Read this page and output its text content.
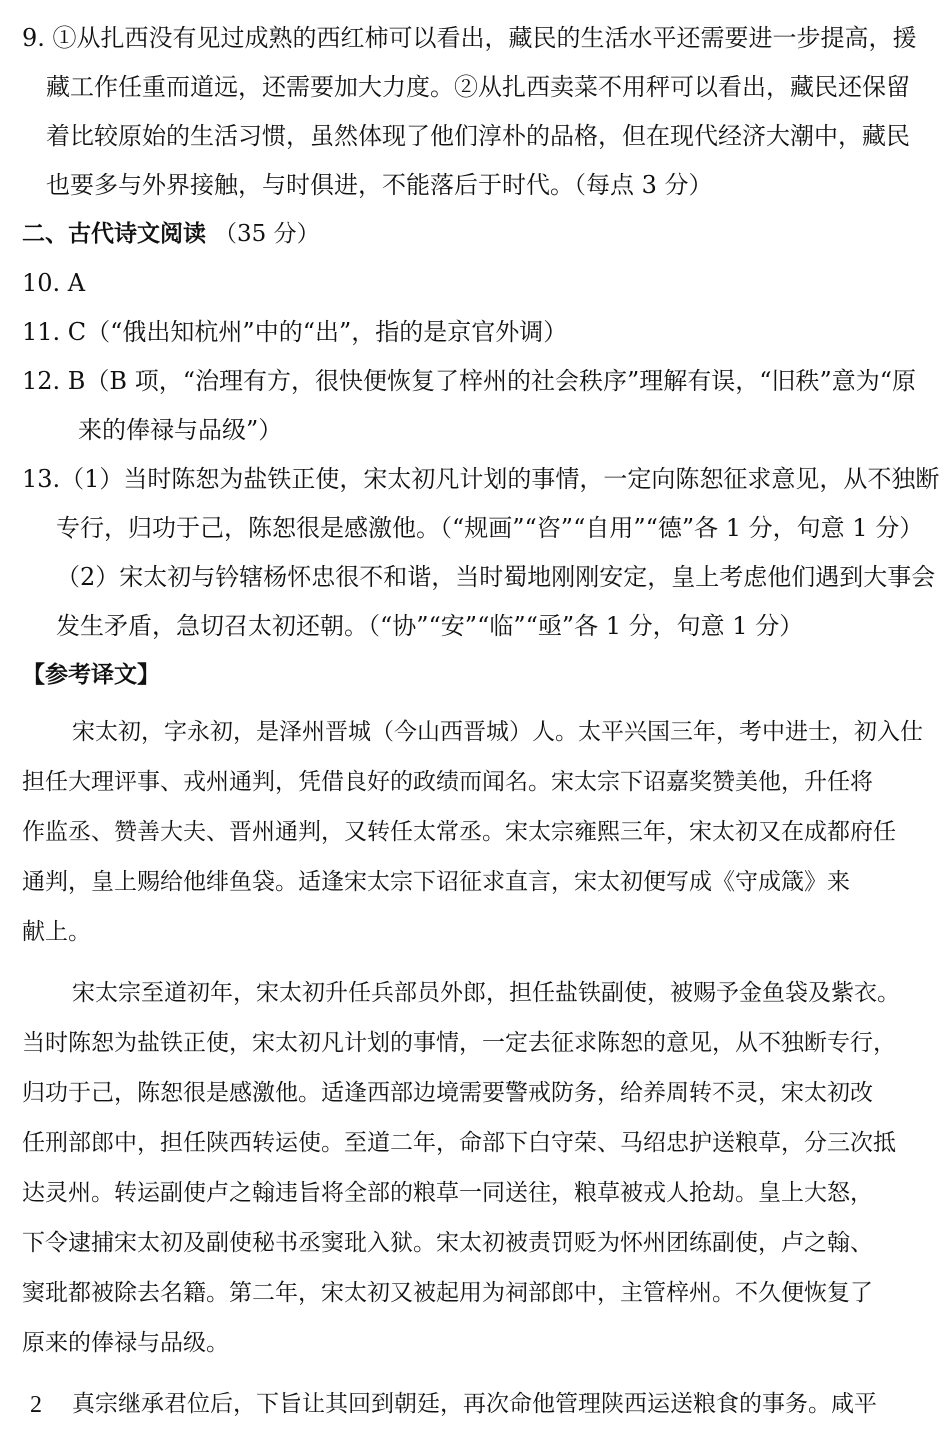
9. ①从扎西没有见过成熟的西红柿可以看出，藏民的生活水平还需要进一步提高，援

藏工作任重而道远，还需要加大力度。②从扎西卖菜不用秤可以看出，藏民还保留

着比较原始的生活习惯，虽然体现了他们淳朴的品格，但在现代经济大潮中，藏民

也要多与外界接触，与时俱进，不能落后于时代。（每点 3 分）

二、古代诗文阅读 （35 分）

10. A

11. C（“俄出知杭州”中的“出”，指的是京官外调）

12. B（B 项，“治理有方，很快便恢复了梓州的社会秩序”理解有误，“旧秩”意为“原

来的俸禄与品级”）

13.（1）当时陈恕为盐铁正使，宋太初凡计划的事情，一定向陈恕征求意见，从不独断

专行，归功于己，陈恕很是感激他。（“规画”“咨”“自用”“德”各 1 分，句意 1 分）

（2）宋太初与钤辖杨怀忠很不和谐，当时蜀地刚刚安定，皇上考虑他们遇到大事会

发生矛盾，急切召太初还朝。（“协”“安”“临”“亟”各 1 分，句意 1 分）

【参考译文】

宋太初，字永初，是泽州晋城（今山西晋城）人。太平兴国三年，考中进士，初入仕

担任大理评事、戎州通判，凭借良好的政绩而闻名。宋太宗下诏嘉奖赞美他，升任将

作监丞、赞善大夫、晋州通判，又转任太常丞。宋太宗雍熙三年，宋太初又在成都府任

通判，皇上赐给他绯鱼袋。适逢宋太宗下诏征求直言，宋太初便写成《守成箴》来

献上。

宋太宗至道初年，宋太初升任兵部员外郎，担任盐铁副使，被赐予金鱼袋及紫衣。

当时陈恕为盐铁正使，宋太初凡计划的事情，一定去征求陈恕的意见，从不独断专行，

归功于己，陈恕很是感激他。适逢西部边境需要警戒防务，给养周转不灵，宋太初改

任刑部郎中，担任陕西转运使。至道二年，命部下白守荣、马绍忠护送粮草，分三次抵

达灵州。转运副使卢之翰违旨将全部的粮草一同送往，粮草被戎人抢劫。皇上大怒，

下令逮捕宋太初及副使秘书丞窦玭入狱。宋太初被责罚贬为怀州团练副使，卢之翰、

窦玭都被除去名籍。第二年，宋太初又被起用为祠部郎中，主管梓州。不久便恢复了

原来的俸禄与品级。

真宗继承君位后，下旨让其回到朝廷，再次命他管理陕西运送粮食的事务。咸平

2
